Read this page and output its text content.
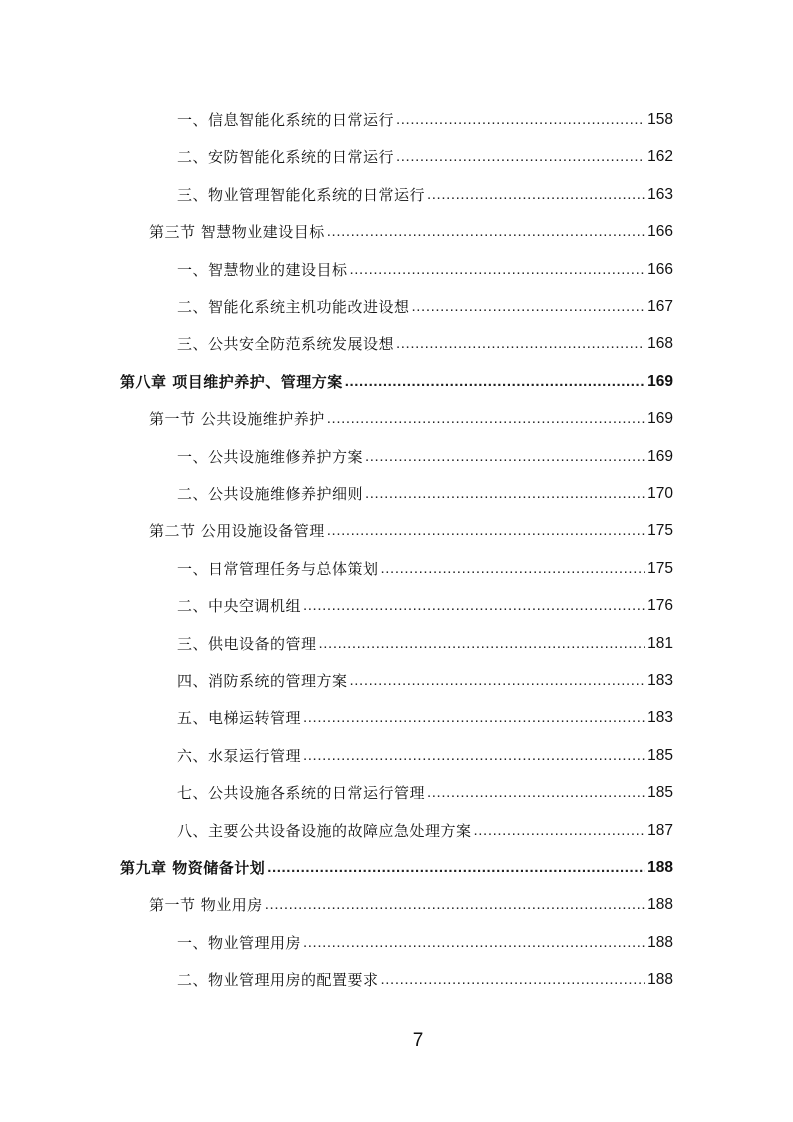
一、信息智能化系统的日常运行 .....	158
二、安防智能化系统的日常运行 .....	162
三、物业管理智能化系统的日常运行 .....	163
第三节 智慧物业建设目标 .....	166
一、智慧物业的建设目标 .....	166
二、智能化系统主机功能改进设想 .....	167
三、公共安全防范系统发展设想 .....	168
第八章 项目维护养护、管理方案 .....	169
第一节 公共设施维护养护 .....	169
一、公共设施维修养护方案 .....	169
二、公共设施维修养护细则 .....	170
第二节 公用设施设备管理 .....	175
一、日常管理任务与总体策划 .....	175
二、中央空调机组 .....	176
三、供电设备的管理 .....	181
四、消防系统的管理方案 .....	183
五、电梯运转管理 .....	183
六、水泵运行管理 .....	185
七、公共设施各系统的日常运行管理 .....	185
八、主要公共设备设施的故障应急处理方案 .....	187
第九章 物资储备计划 .....	188
第一节 物业用房 .....	188
一、物业管理用房 .....	188
二、物业管理用房的配置要求 .....	188
7
